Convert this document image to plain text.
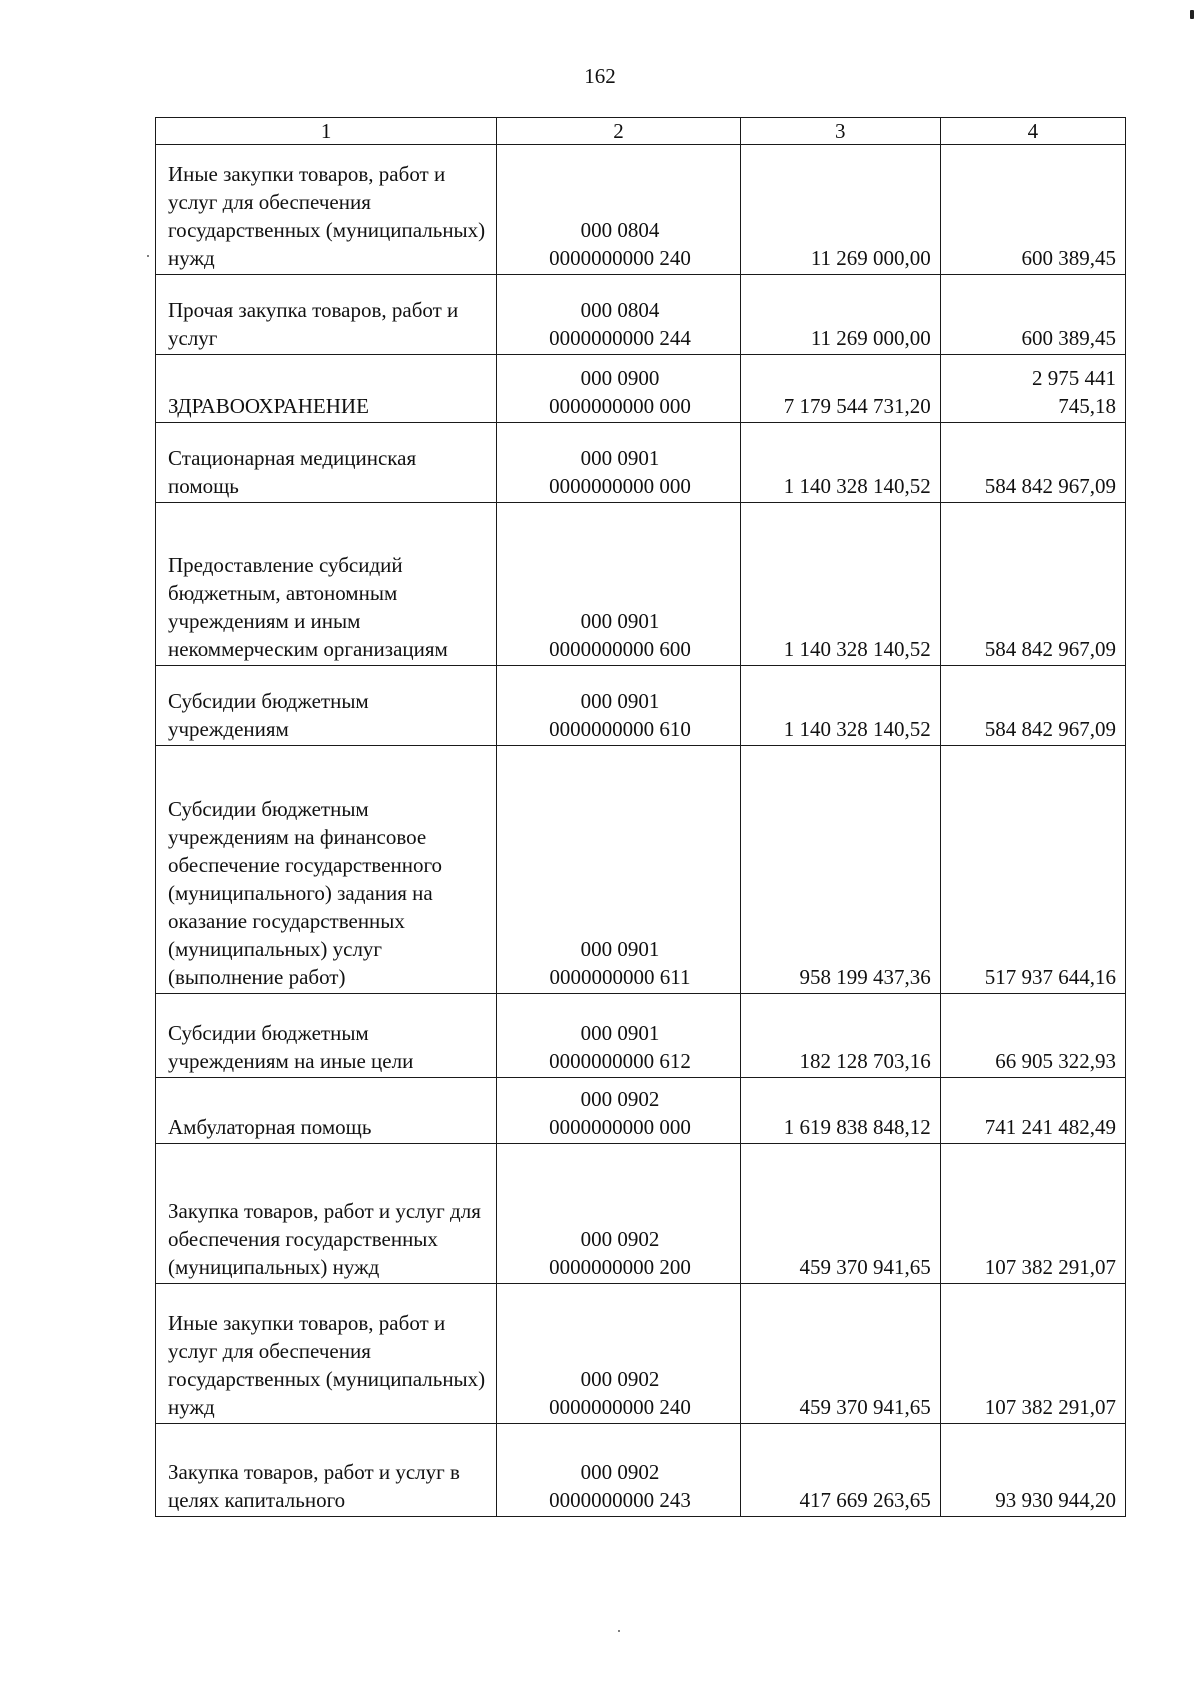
162
1	2	3	4
Иные закупки товаров, работ и услуг для обеспечения государственных (муниципальных) нужд	000 0804
0000000000 240	11 269 000,00	600 389,45
Прочая закупка товаров, работ и услуг	000 0804
0000000000 244	11 269 000,00	600 389,45
ЗДРАВООХРАНЕНИЕ	000 0900
0000000000 000	7 179 544 731,20	2 975 441
745,18
Стационарная медицинская помощь	000 0901
0000000000 000	1 140 328 140,52	584 842 967,09
Предоставление субсидий бюджетным, автономным учреждениям и иным некоммерческим организациям	000 0901
0000000000 600	1 140 328 140,52	584 842 967,09
Субсидии бюджетным учреждениям	000 0901
0000000000 610	1 140 328 140,52	584 842 967,09
Субсидии бюджетным учреждениям на финансовое обеспечение государственного (муниципального) задания на оказание государственных (муниципальных) услуг (выполнение работ)	000 0901
0000000000 611	958 199 437,36	517 937 644,16
Субсидии бюджетным учреждениям на иные цели	000 0901
0000000000 612	182 128 703,16	66 905 322,93
Амбулаторная помощь	000 0902
0000000000 000	1 619 838 848,12	741 241 482,49
Закупка товаров, работ и услуг для обеспечения государственных (муниципальных) нужд	000 0902
0000000000 200	459 370 941,65	107 382 291,07
Иные закупки товаров, работ и услуг для обеспечения государственных (муниципальных) нужд	000 0902
0000000000 240	459 370 941,65	107 382 291,07
Закупка товаров, работ и услуг в целях капитального	000 0902
0000000000 243	417 669 263,65	93 930 944,20
